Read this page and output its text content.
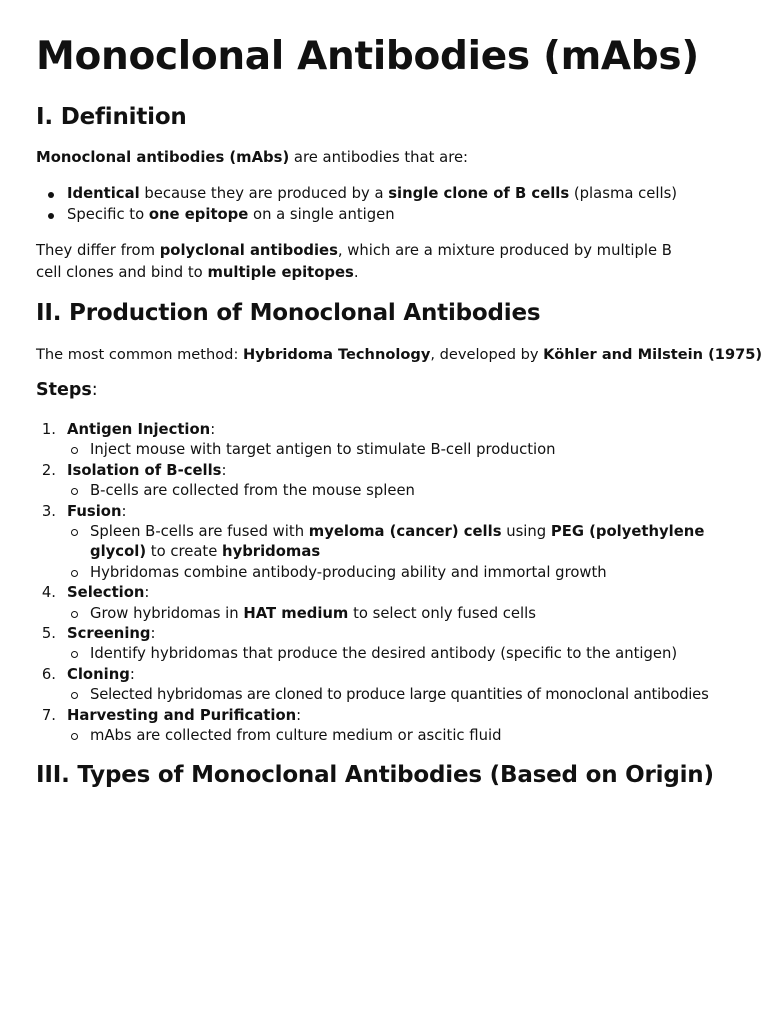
Monoclonal Antibodies (mAbs)
I. Definition

Monoclonal antibodies (mAbs) are antibodies that are:

Identical because they are produced by a single clone of B cells (plasma cells)
Specific to one epitope on a single antigen

They differ from polyclonal antibodies, which are a mixture produced by multiple B cell clones and bind to multiple epitopes.

II. Production of Monoclonal Antibodies

The most common method: Hybridoma Technology, developed by Köhler and Milstein (1975)

Steps:
1. Antigen Injection:
Inject mouse with target antigen to stimulate B-cell production
2. Isolation of B-cells:
B-cells are collected from the mouse spleen
3. Fusion:
Spleen B-cells are fused with myeloma (cancer) cells using PEG (polyethylene glycol) to create hybridomas
Hybridomas combine antibody-producing ability and immortal growth
4. Selection:
Grow hybridomas in HAT medium to select only fused cells
5. Screening:
Identify hybridomas that produce the desired antibody (specific to the antigen)
6. Cloning:
Selected hybridomas are cloned to produce large quantities of monoclonal antibodies
7. Harvesting and Purification:
mAbs are collected from culture medium or ascitic fluid
III. Types of Monoclonal Antibodies (Based on Origin)
